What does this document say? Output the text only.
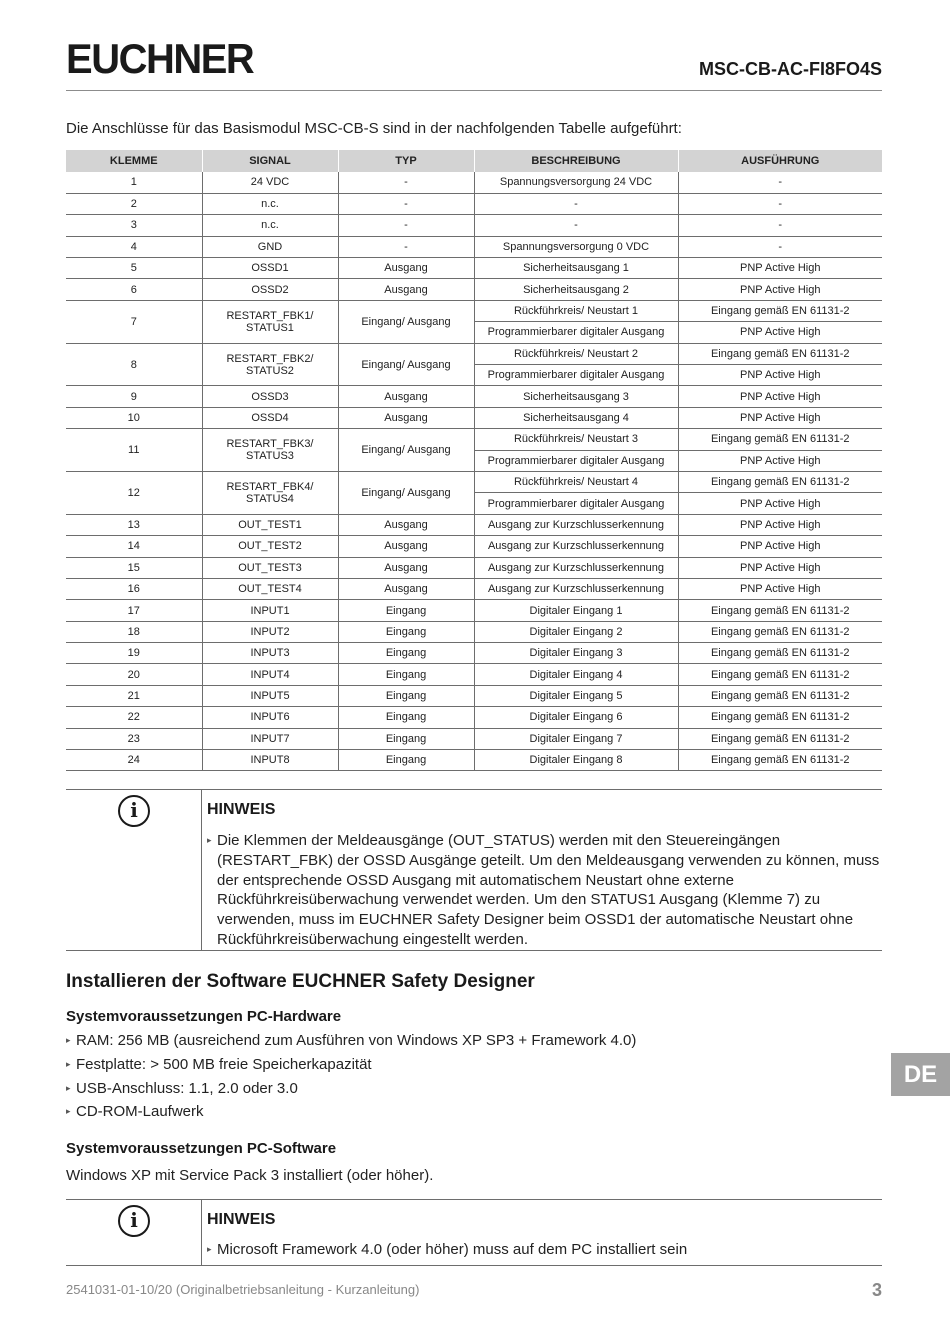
EUCHNER	MSC-CB-AC-FI8FO4S
Die Anschlüsse für das Basismodul MSC-CB-S sind in der nachfolgenden Tabelle aufgeführt:
KLEMME	SIGNAL	TYP	BESCHREIBUNG	AUSFÜHRUNG
1	24 VDC	-	Spannungsversorgung 24 VDC	-
2	n.c.	-	-	-
3	n.c.	-	-	-
4	GND	-	Spannungsversorgung 0 VDC	-
5	OSSD1	Ausgang	Sicherheitsausgang 1	PNP Active High
6	OSSD2	Ausgang	Sicherheitsausgang 2	PNP Active High
7	RESTART_FBK1/ STATUS1	Eingang/ Ausgang	Rückführkreis/ Neustart 1	Eingang gemäß EN 61131-2
			Programmierbarer digitaler Ausgang	PNP Active High
8	RESTART_FBK2/ STATUS2	Eingang/ Ausgang	Rückführkreis/ Neustart 2	Eingang gemäß EN 61131-2
			Programmierbarer digitaler Ausgang	PNP Active High
9	OSSD3	Ausgang	Sicherheitsausgang 3	PNP Active High
10	OSSD4	Ausgang	Sicherheitsausgang 4	PNP Active High
11	RESTART_FBK3/ STATUS3	Eingang/ Ausgang	Rückführkreis/ Neustart 3	Eingang gemäß EN 61131-2
			Programmierbarer digitaler Ausgang	PNP Active High
12	RESTART_FBK4/ STATUS4	Eingang/ Ausgang	Rückführkreis/ Neustart 4	Eingang gemäß EN 61131-2
			Programmierbarer digitaler Ausgang	PNP Active High
13	OUT_TEST1	Ausgang	Ausgang zur Kurzschlusserkennung	PNP Active High
14	OUT_TEST2	Ausgang	Ausgang zur Kurzschlusserkennung	PNP Active High
15	OUT_TEST3	Ausgang	Ausgang zur Kurzschlusserkennung	PNP Active High
16	OUT_TEST4	Ausgang	Ausgang zur Kurzschlusserkennung	PNP Active High
17	INPUT1	Eingang	Digitaler Eingang 1	Eingang gemäß EN 61131-2
18	INPUT2	Eingang	Digitaler Eingang 2	Eingang gemäß EN 61131-2
19	INPUT3	Eingang	Digitaler Eingang 3	Eingang gemäß EN 61131-2
20	INPUT4	Eingang	Digitaler Eingang 4	Eingang gemäß EN 61131-2
21	INPUT5	Eingang	Digitaler Eingang 5	Eingang gemäß EN 61131-2
22	INPUT6	Eingang	Digitaler Eingang 6	Eingang gemäß EN 61131-2
23	INPUT7	Eingang	Digitaler Eingang 7	Eingang gemäß EN 61131-2
24	INPUT8	Eingang	Digitaler Eingang 8	Eingang gemäß EN 61131-2
i	HINWEIS
▸ Die Klemmen der Meldeausgänge (OUT_STATUS) werden mit den Steuereingängen (RESTART_FBK) der OSSD Ausgänge geteilt. Um den Meldeausgang verwenden zu können, muss der entsprechende OSSD Ausgang mit automatischem Neustart ohne externe Rückführkreisüberwachung verwendet werden. Um den STATUS1 Ausgang (Klemme 7) zu verwenden, muss im EUCHNER Safety Designer beim OSSD1 der automatische Neustart ohne Rückführkreisüberwachung eingestellt werden.
Installieren der Software EUCHNER Safety Designer
Systemvoraussetzungen PC-Hardware
▸ RAM: 256 MB (ausreichend zum Ausführen von Windows XP SP3 + Framework 4.0)
▸ Festplatte: > 500 MB freie Speicherkapazität
▸ USB-Anschluss: 1.1, 2.0 oder 3.0
▸ CD-ROM-Laufwerk
Systemvoraussetzungen PC-Software
Windows XP mit Service Pack 3 installiert (oder höher).
i	HINWEIS
▸ Microsoft Framework 4.0 (oder höher) muss auf dem PC installiert sein
DE
2541031-01-10/20 (Originalbetriebsanleitung - Kurzanleitung)	3
